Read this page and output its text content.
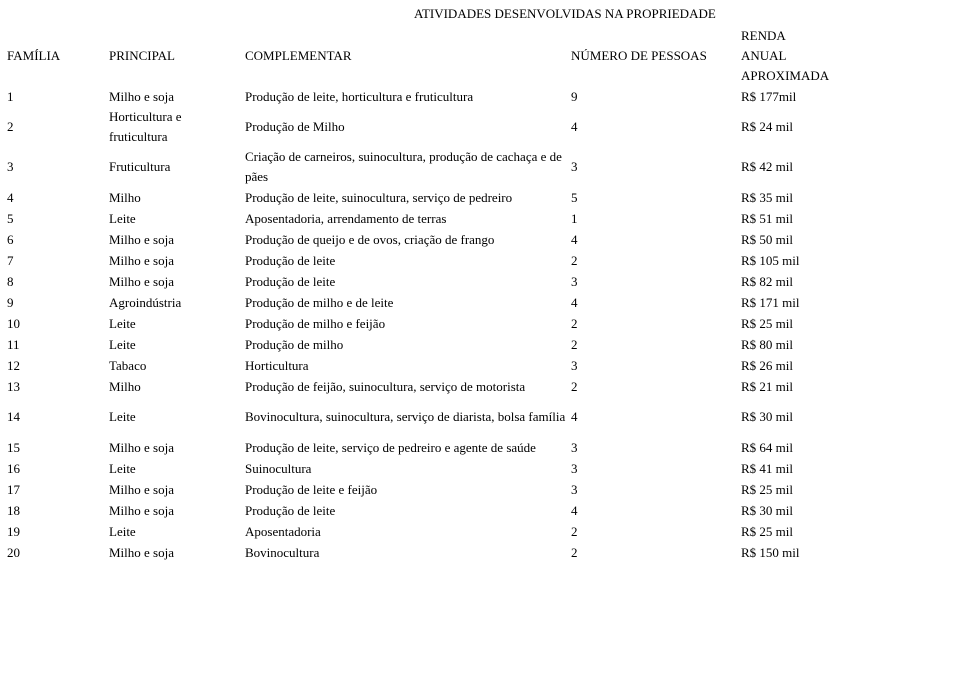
ATIVIDADES DESENVOLVIDAS NA PROPRIEDADE
FAMÍLIA	PRINCIPAL	COMPLEMENTAR	NÚMERO DE PESSOAS	RENDA ANUAL
APROXIMADA
1	Milho e soja	Produção de leite, horticultura e fruticultura	9	R$ 177mil
2	Horticultura e fruticultura	Produção de Milho	4	R$ 24 mil
3	Fruticultura	Criação de carneiros, suinocultura, produção de cachaça e de pães	3	R$ 42 mil
4	Milho	Produção de leite, suinocultura, serviço de pedreiro	5	R$ 35 mil
5	Leite	Aposentadoria, arrendamento de terras	1	R$ 51 mil
6	Milho e soja	Produção de queijo e de ovos, criação de frango	4	R$ 50 mil
7	Milho e soja	Produção de leite	2	R$ 105 mil
8	Milho e soja	Produção de leite	3	R$ 82 mil
9	Agroindústria	Produção de milho e de leite	4	R$ 171 mil
10	Leite	Produção de milho e feijão	2	R$ 25 mil
11	Leite	Produção de milho	2	R$ 80 mil
12	Tabaco	Horticultura	3	R$ 26 mil
13	Milho	Produção de feijão, suinocultura, serviço de motorista	2	R$ 21 mil
14	Leite	Bovinocultura, suinocultura, serviço de diarista, bolsa família	4	R$ 30 mil
15	Milho e soja	Produção de leite, serviço de pedreiro e agente de saúde	3	R$ 64 mil
16	Leite	Suinocultura	3	R$ 41 mil
17	Milho e soja	Produção de leite e feijão	3	R$ 25 mil
18	Milho e soja	Produção de leite	4	R$ 30 mil
19	Leite	Aposentadoria	2	R$ 25 mil
20	Milho e soja	Bovinocultura	2	R$ 150 mil
